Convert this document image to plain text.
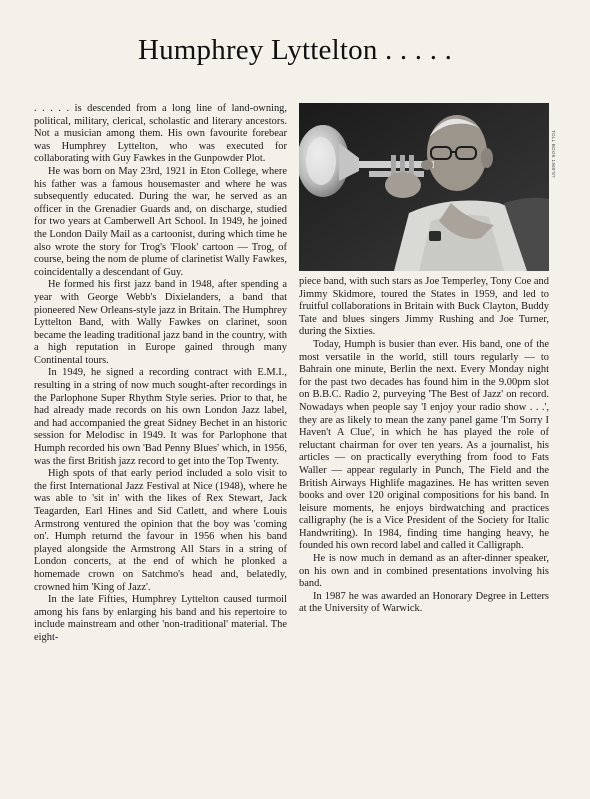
Humphrey Lyttelton . . . . .
TOLL BOOK 1960'S?

. . . . . is descended from a long line of land-owning, political, military, clerical, scholastic and literary ancestors. Not a musician among them. His own favourite forebear was Humphrey Lyttelton, who was executed for collaborating with Guy Fawkes in the Gunpowder Plot.

He was born on May 23rd, 1921 in Eton College, where his father was a famous housemaster and where he was subsequently educated. During the war, he served as an officer in the Grenadier Guards and, on discharge, studied for two years at Camberwell Art School. In 1949, he joined the London Daily Mail as a cartoonist, during which time he also wrote the story for Trog's 'Flook' cartoon — Trog, of course, being the nom de plume of clarinetist Wally Fawkes, coincidentally a descendant of Guy.

He formed his first jazz band in 1948, after spending a year with George Webb's Dixielanders, a band that pioneered New Orleans-style jazz in Britain. The Humphrey Lyttelton Band, with Wally Fawkes on clarinet, soon became the leading traditional jazz band in the country, with a high reputation in Europe gained through many Continental tours.

In 1949, he signed a recording contract with E.M.I., resulting in a string of now much sought-after recordings in the Parlophone Super Rhythm Style series. Prior to that, he had already made records on his own London Jazz label, and had accompanied the great Sidney Bechet in an historic session for Melodisc in 1949. It was for Parlophone that Humph recorded his own 'Bad Penny Blues' which, in 1956, was the first British jazz record to get into the Top Twenty.

High spots of that early period included a solo visit to the first International Jazz Festival at Nice (1948), where he was able to 'sit in' with the likes of Rex Stewart, Jack Teagarden, Earl Hines and Sid Catlett, and where Louis Armstrong ventured the opinion that the boy was 'coming on'. Humph returnd the favour in 1956 when his band played alongside the Armstrong All Stars in a string of London concerts, at the end of which he plonked a homemade crown on Satchmo's head and, belatedly, crowned him 'King of Jazz'.

In the late Fifties, Humphrey Lyttelton caused turmoil among his fans by enlarging his band and his repertoire to include mainstream and other 'non-traditional' material. The eight-

piece band, with such stars as Joe Temperley, Tony Coe and Jimmy Skidmore, toured the States in 1959, and led to fruitful collaborations in Britain with Buck Clayton, Buddy Tate and blues singers Jimmy Rushing and Joe Turner, during the Sixties.

Today, Humph is busier than ever. His band, one of the most versatile in the world, still tours regularly — to Bahrain one minute, Berlin the next. Every Monday night for the past two decades has found him in the 9.00pm slot on B.B.C. Radio 2, purveying 'The Best of Jazz' on record. Nowadays when people say 'I enjoy your radio show . . .', they are as likely to mean the zany panel game 'I'm Sorry I Haven't A Clue', in which he has played the role of reluctant chairman for over ten years. As a journalist, his articles — on practically everything from food to Fats Waller — appear regularly in Punch, The Field and the British Airways Highlife magazines. He has written seven books and over 120 original compositions for his band. In leisure moments, he enjoys birdwatching and practices calligraphy (he is a Vice President of the Society for Italic Handwriting). In 1984, finding time hanging heavy, he founded his own record label and called it Calligraph.

He is now much in demand as an after-dinner speaker, on his own and in combined presentations involving his band.

In 1987 he was awarded an Honorary Degree in Letters at the University of Warwick.
